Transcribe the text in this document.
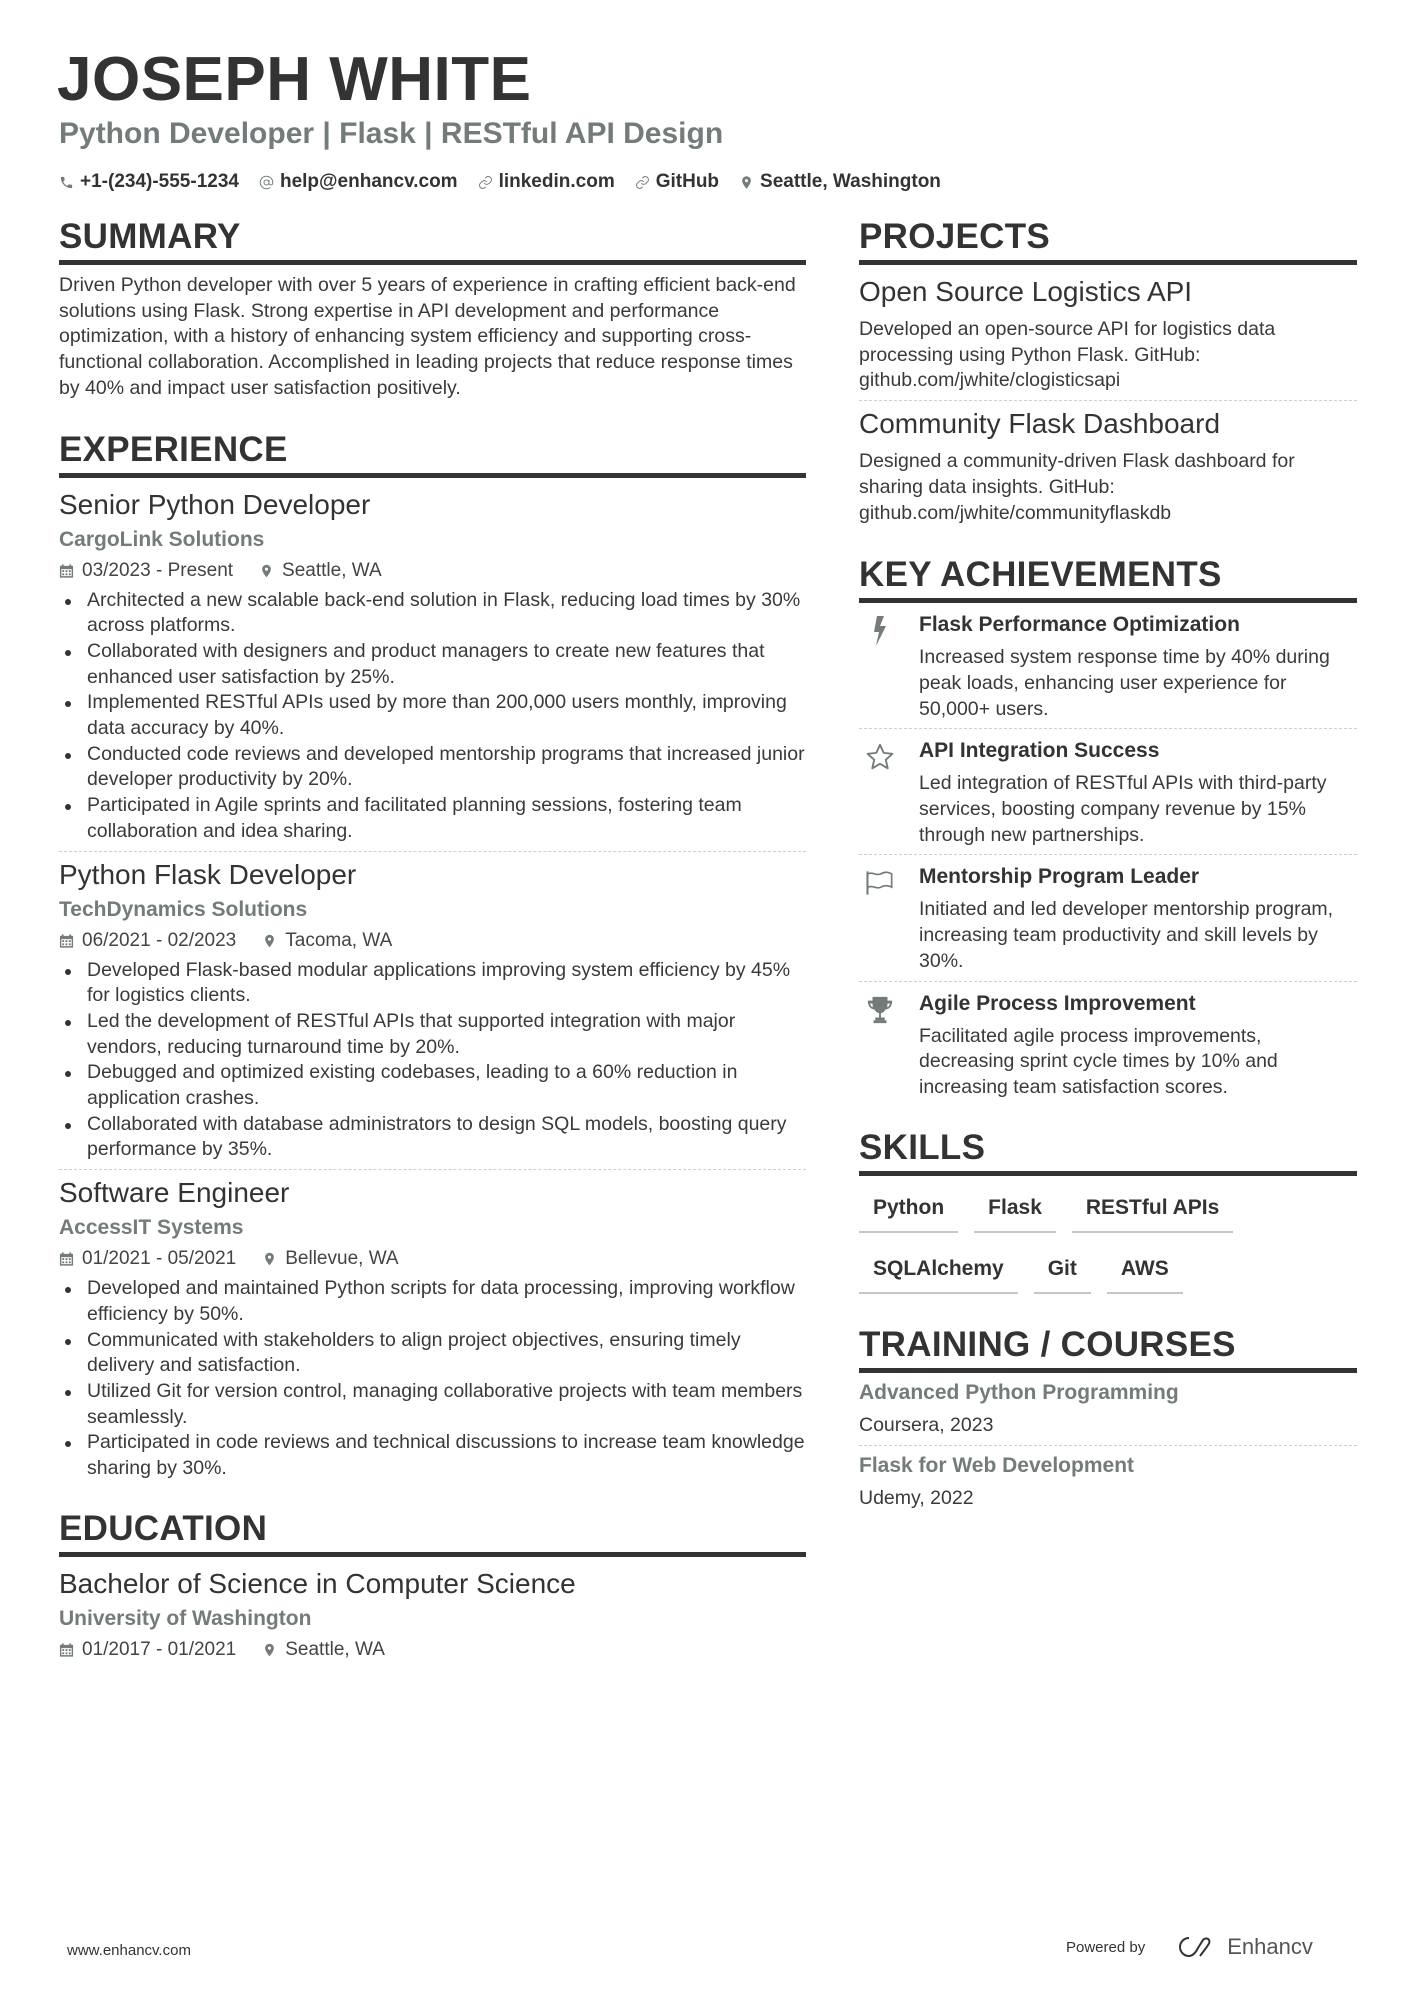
JOSEPH WHITE
Python Developer | Flask | RESTful API Design
+1-(234)-555-1234 help@enhancv.com linkedin.com GitHub Seattle, Washington
SUMMARY
Driven Python developer with over 5 years of experience in crafting efficient back-end solutions using Flask. Strong expertise in API development and performance optimization, with a history of enhancing system efficiency and supporting cross-functional collaboration. Accomplished in leading projects that reduce response times by 40% and impact user satisfaction positively.
EXPERIENCE
Senior Python Developer
CargoLink Solutions
03/2023 - Present	Seattle, WA
Architected a new scalable back-end solution in Flask, reducing load times by 30% across platforms.
Collaborated with designers and product managers to create new features that enhanced user satisfaction by 25%.
Implemented RESTful APIs used by more than 200,000 users monthly, improving data accuracy by 40%.
Conducted code reviews and developed mentorship programs that increased junior developer productivity by 20%.
Participated in Agile sprints and facilitated planning sessions, fostering team collaboration and idea sharing.
Python Flask Developer
TechDynamics Solutions
06/2021 - 02/2023	Tacoma, WA
Developed Flask-based modular applications improving system efficiency by 45% for logistics clients.
Led the development of RESTful APIs that supported integration with major vendors, reducing turnaround time by 20%.
Debugged and optimized existing codebases, leading to a 60% reduction in application crashes.
Collaborated with database administrators to design SQL models, boosting query performance by 35%.
Software Engineer
AccessIT Systems
01/2021 - 05/2021	Bellevue, WA
Developed and maintained Python scripts for data processing, improving workflow efficiency by 50%.
Communicated with stakeholders to align project objectives, ensuring timely delivery and satisfaction.
Utilized Git for version control, managing collaborative projects with team members seamlessly.
Participated in code reviews and technical discussions to increase team knowledge sharing by 30%.
EDUCATION
Bachelor of Science in Computer Science
University of Washington
01/2017 - 01/2021	Seattle, WA
PROJECTS
Open Source Logistics API
Developed an open-source API for logistics data processing using Python Flask. GitHub: github.com/jwhite/clogisticsapi
Community Flask Dashboard
Designed a community-driven Flask dashboard for sharing data insights. GitHub: github.com/jwhite/communityflaskdb
KEY ACHIEVEMENTS
Flask Performance Optimization
Increased system response time by 40% during peak loads, enhancing user experience for 50,000+ users.
API Integration Success
Led integration of RESTful APIs with third-party services, boosting company revenue by 15% through new partnerships.
Mentorship Program Leader
Initiated and led developer mentorship program, increasing team productivity and skill levels by 30%.
Agile Process Improvement
Facilitated agile process improvements, decreasing sprint cycle times by 10% and increasing team satisfaction scores.
SKILLS
Python	Flask	RESTful APIs
SQLAlchemy	Git	AWS
TRAINING / COURSES
Advanced Python Programming
Coursera, 2023
Flask for Web Development
Udemy, 2022
www.enhancv.com	Powered by	Enhancv
